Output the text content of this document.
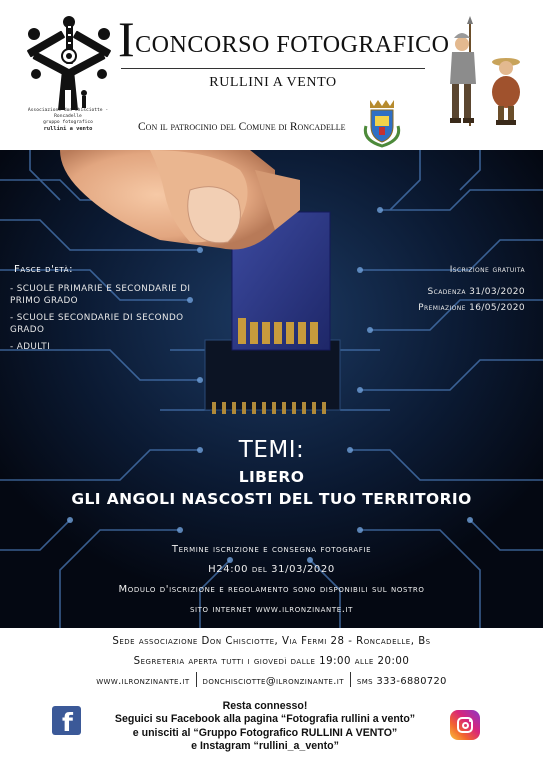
Associazione don Chisciotte - Roncadelle
gruppo fotografico
rullini a vento
ICONCORSO FOTOGRAFICO
RULLINI A VENTO
Con il patrocinio del Comune di Roncadelle
Fasce d'età:
- SCUOLE PRIMARIE E SECONDARIE DI PRIMO GRADO
- SCUOLE SECONDARIE DI SECONDO GRADO
- ADULTI
Iscrizione gratuita
Scadenza 31/03/2020
Premiazione 16/05/2020
TEMI:
LIBERO
GLI ANGOLI NASCOSTI DEL TUO TERRITORIO
Termine iscrizione e consegna fotografie
H24:00 del 31/03/2020
Modulo d'iscrizione e regolamento sono disponibili sul nostro
sito internet www.ilronzinante.it
Sede associazione Don Chisciotte, Via Fermi 28 - Roncadelle, Bs
Segreteria aperta tutti i giovedì dalle 19:00 alle 20:00
www.ilronzinante.it donchisciotte@ilronzinante.it sms 333-6880720
f
Resta connesso!
Seguici su Facebook alla pagina “Fotografia rullini a vento”
e unisciti al “Gruppo Fotografico RULLINI A VENTO”
e Instagram “rullini_a_vento”
